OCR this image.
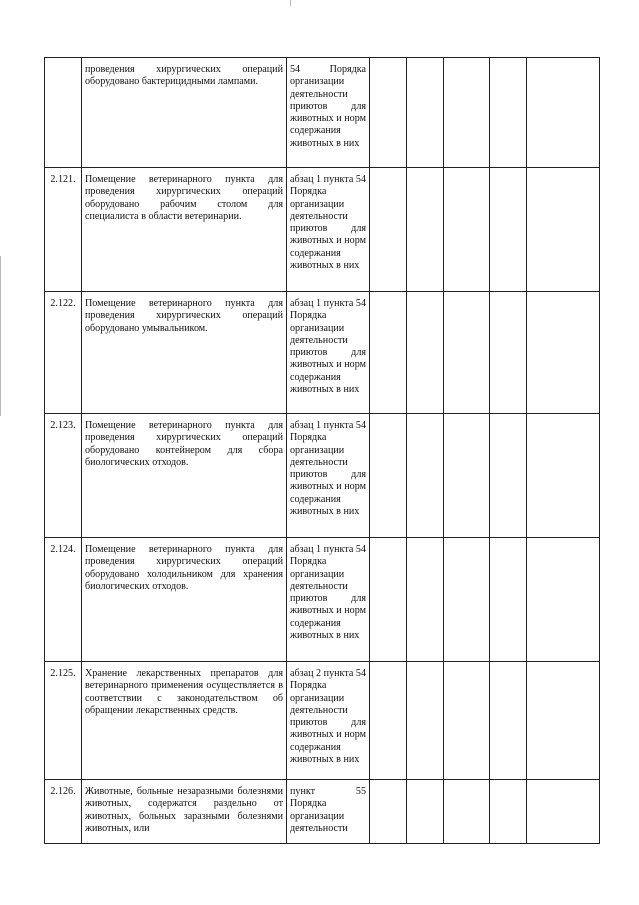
	проведения хирургических операций оборудовано бактерицидными лампами.	54 Порядка организации деятельности приютов для животных и норм содержания животных в них					
2.121.	Помещение ветеринарного пункта для проведения хирургических операций оборудовано рабочим столом для специалиста в области ветеринарии.	абзац 1 пункта 54 Порядка организации деятельности приютов для животных и норм содержания животных в них					
2.122.	Помещение ветеринарного пункта для проведения хирургических операций оборудовано умывальником.	абзац 1 пункта 54 Порядка организации деятельности приютов для животных и норм содержания животных в них					
2.123.	Помещение ветеринарного пункта для проведения хирургических операций оборудовано контейнером для сбора биологических отходов.	абзац 1 пункта 54 Порядка организации деятельности приютов для животных и норм содержания животных в них					
2.124.	Помещение ветеринарного пункта для проведения хирургических операций оборудовано холодильником для хранения биологических отходов.	абзац 1 пункта 54 Порядка организации деятельности приютов для животных и норм содержания животных в них					
2.125.	Хранение лекарственных препаратов для ветеринарного применения осуществляется в соответствии с законодательством об обращении лекарственных средств.	абзац 2 пункта 54 Порядка организации деятельности приютов для животных и норм содержания животных в них					
2.126.	Животные, больные незаразными болезнями животных, содержатся раздельно от животных, больных заразными болезнями животных, или	пункт 55 Порядка организации деятельности					
